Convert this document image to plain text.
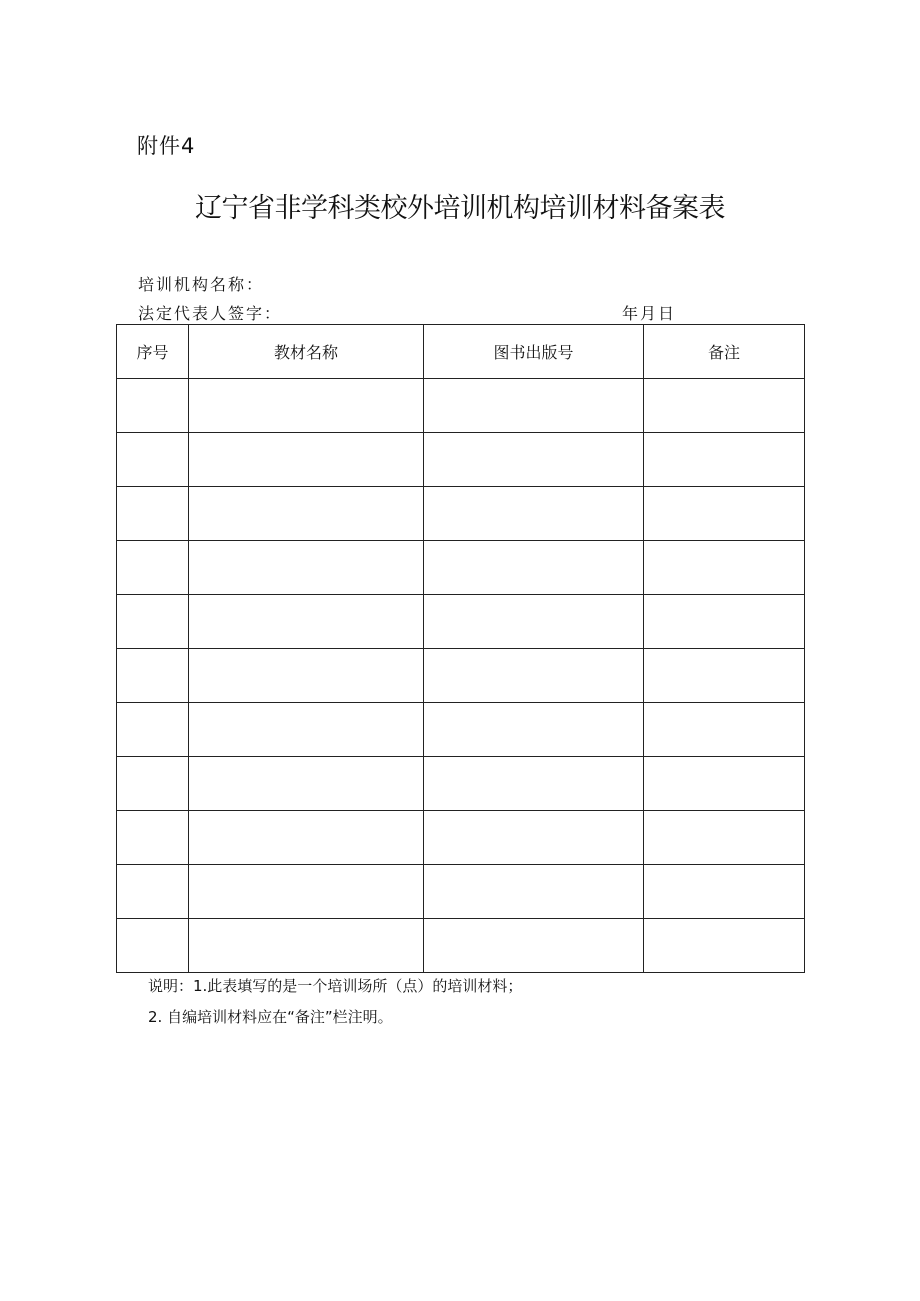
附件4
辽宁省非学科类校外培训机构培训材料备案表
培训机构名称：
法定代表人签字：	年月日
序号	教材名称	图书出版号	备注

说明：1.此表填写的是一个培训场所（点）的培训材料；
2. 自编培训材料应在“备注”栏注明。
